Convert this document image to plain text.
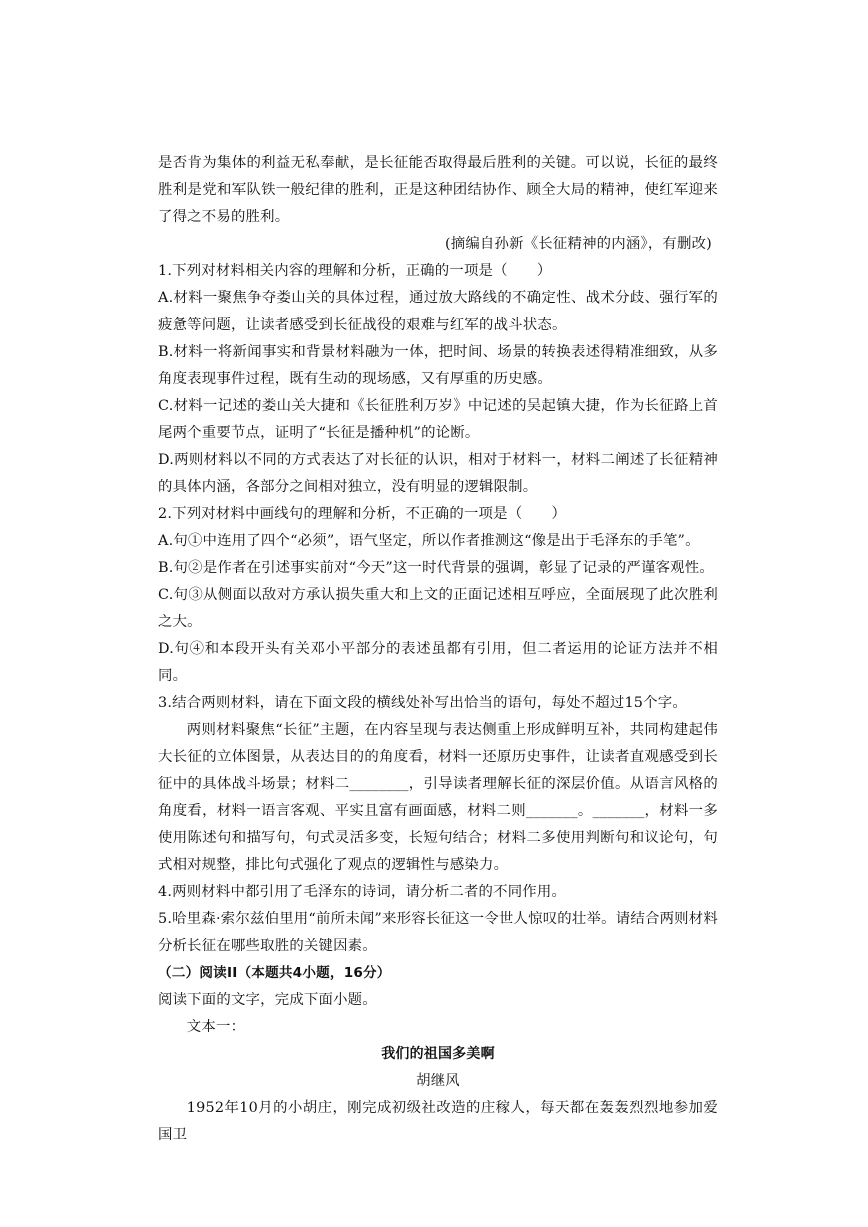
是否肯为集体的利益无私奉献，是长征能否取得最后胜利的关键。可以说，长征的最终胜利是党和军队铁一般纪律的胜利，正是这种团结协作、顾全大局的精神，使红军迎来了得之不易的胜利。

(摘编自孙新《长征精神的内涵》，有删改)

1.下列对材料相关内容的理解和分析，正确的一项是（　　）

A.材料一聚焦争夺娄山关的具体过程，通过放大路线的不确定性、战术分歧、强行军的疲惫等问题，让读者感受到长征战役的艰难与红军的战斗状态。

B.材料一将新闻事实和背景材料融为一体，把时间、场景的转换表述得精准细致，从多角度表现事件过程，既有生动的现场感，又有厚重的历史感。

C.材料一记述的娄山关大捷和《长征胜利万岁》中记述的吴起镇大捷，作为长征路上首尾两个重要节点，证明了“长征是播种机”的论断。

D.两则材料以不同的方式表达了对长征的认识，相对于材料一，材料二阐述了长征精神的具体内涵，各部分之间相对独立，没有明显的逻辑限制。

2.下列对材料中画线句的理解和分析，不正确的一项是（　　）

A.句①中连用了四个“必须”，语气坚定，所以作者推测这“像是出于毛泽东的手笔”。

B.句②是作者在引述事实前对“今天”这一时代背景的强调，彰显了记录的严谨客观性。

C.句③从侧面以敌对方承认损失重大和上文的正面记述相互呼应，全面展现了此次胜利之大。

D.句④和本段开头有关邓小平部分的表述虽都有引用，但二者运用的论证方法并不相同。

3.结合两则材料，请在下面文段的横线处补写出恰当的语句，每处不超过15个字。

两则材料聚焦“长征”主题，在内容呈现与表达侧重上形成鲜明互补，共同构建起伟大长征的立体图景，从表达目的的角度看，材料一还原历史事件，让读者直观感受到长征中的具体战斗场景；材料二________，引导读者理解长征的深层价值。从语言风格的角度看，材料一语言客观、平实且富有画面感，材料二则_______。_______，材料一多使用陈述句和描写句，句式灵活多变，长短句结合；材料二多使用判断句和议论句，句式相对规整，排比句式强化了观点的逻辑性与感染力。

4.两则材料中都引用了毛泽东的诗词，请分析二者的不同作用。

5.哈里森·索尔兹伯里用“前所未闻”来形容长征这一令世人惊叹的壮举。请结合两则材料分析长征在哪些取胜的关键因素。

（二）阅读II（本题共4小题，16分）

阅读下面的文字，完成下面小题。

文本一：

我们的祖国多美啊

胡继风

1952年10月的小胡庄，刚完成初级社改造的庄稼人，每天都在轰轰烈烈地参加爱国卫
